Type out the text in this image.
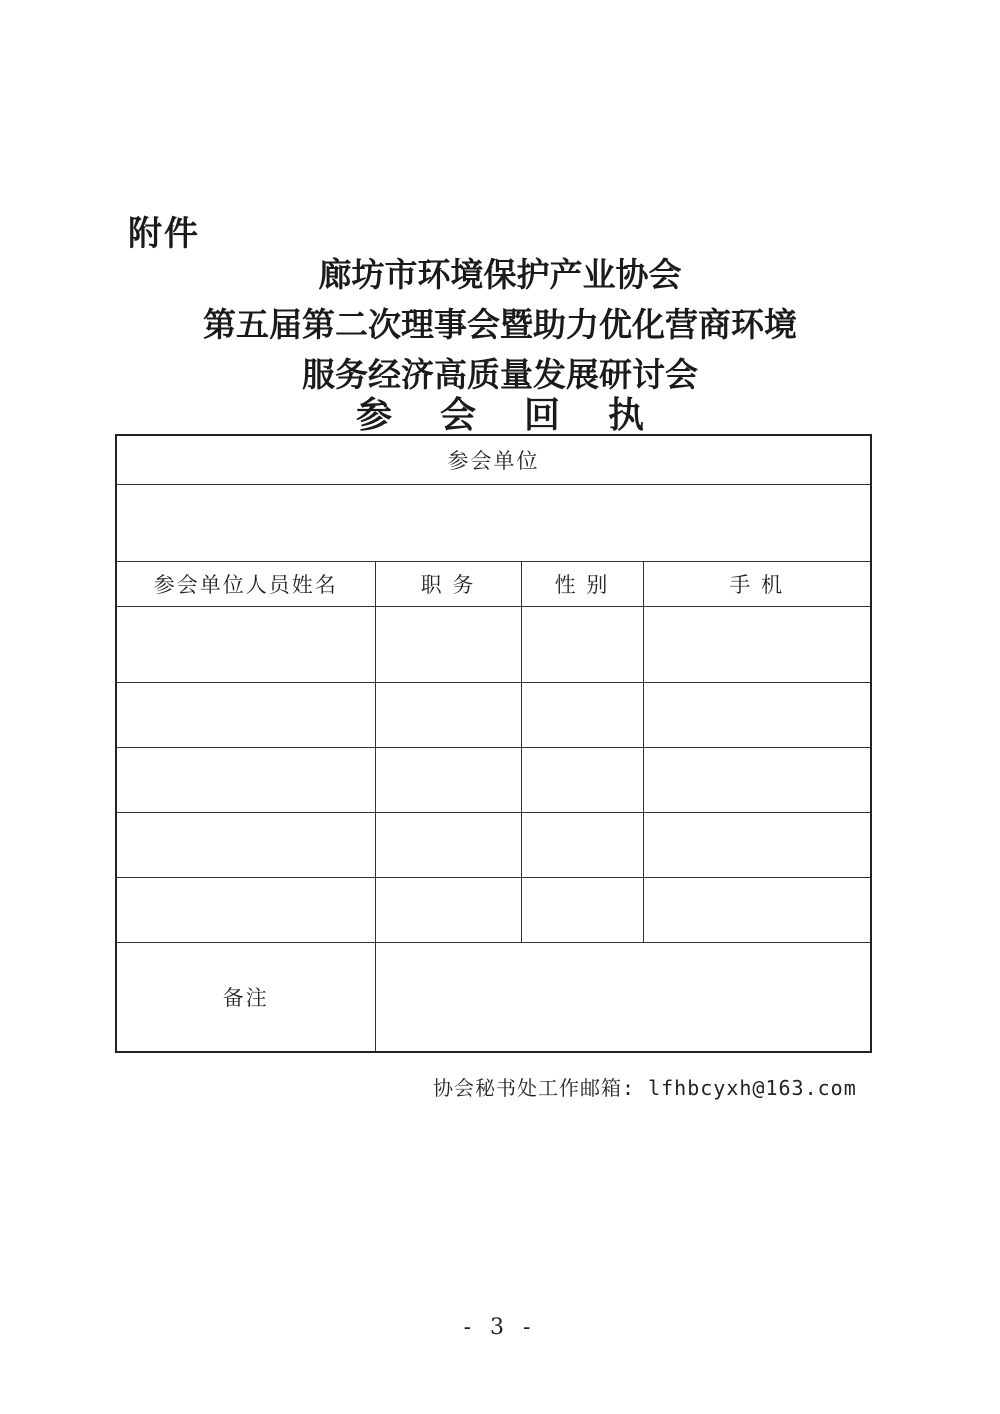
附件
廊坊市环境保护产业协会
第五届第二次理事会暨助力优化营商环境
服务经济高质量发展研讨会
参会回执
参会单位			

参会单位人员姓名	职 务	性 别	手 机

备注			
协会秘书处工作邮箱: lfhbcyxh@163.com
- 3 -
